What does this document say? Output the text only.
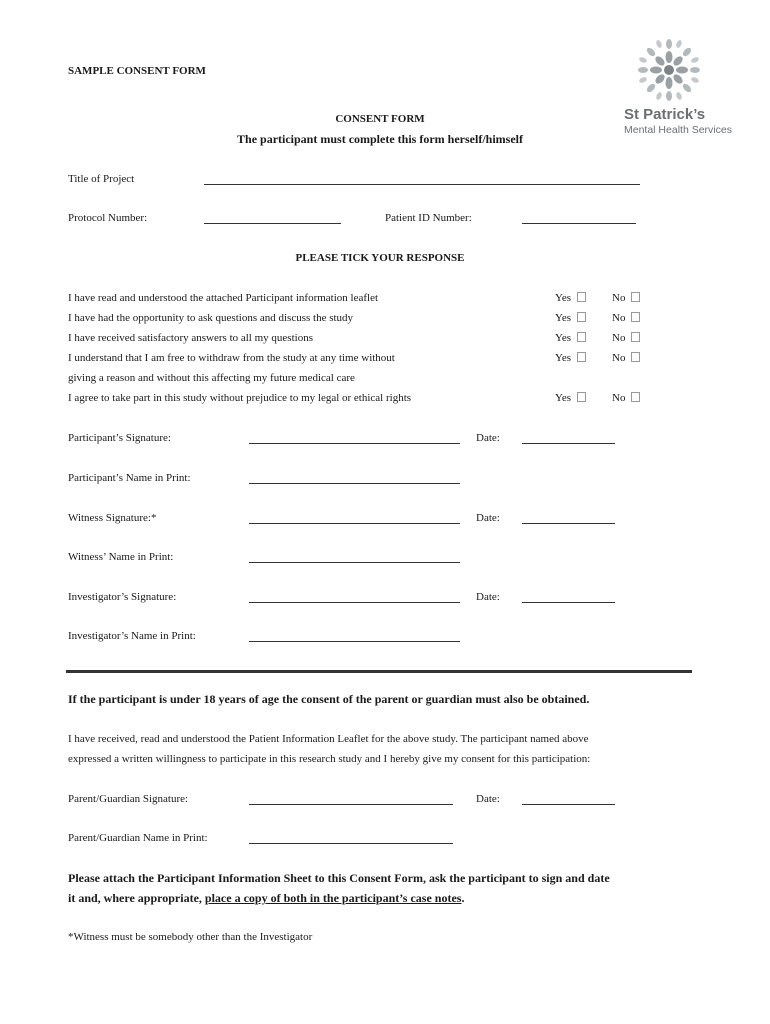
SAMPLE CONSENT FORM
St Patrick’s
Mental Health Services
CONSENT FORM
The participant must complete this form herself/himself
Title of Project
Protocol Number:	Patient ID Number:
PLEASE TICK YOUR RESPONSE
I have read and understood the attached Participant information leaflet	Yes	No
I have had the opportunity to ask questions and discuss the study	Yes	No
I have received satisfactory answers to all my questions	Yes	No
I understand that I am free to withdraw from the study at any time without	Yes	No
giving a reason and without this affecting my future medical care
I agree to take part in this study without prejudice to my legal or ethical rights	Yes	No
Participant’s Signature:	Date:
Participant’s Name in Print:
Witness Signature:*	Date:
Witness’ Name in Print:
Investigator’s Signature:	Date:
Investigator’s Name in Print:
If the participant is under 18 years of age the consent of the parent or guardian must also be obtained.
I have received, read and understood the Patient Information Leaflet for the above study. The participant named above
expressed a written willingness to participate in this research study and I hereby give my consent for this participation:
Parent/Guardian Signature:	Date:
Parent/Guardian Name in Print:
Please attach the Participant Information Sheet to this Consent Form, ask the participant to sign and date
it and, where appropriate, place a copy of both in the participant’s case notes.
*Witness must be somebody other than the Investigator
